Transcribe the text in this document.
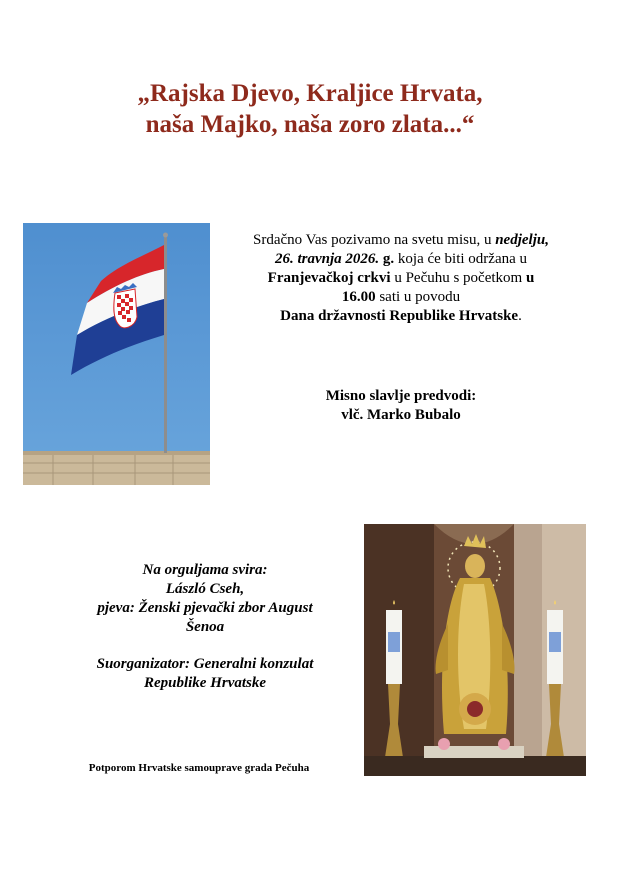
„Rajska Djevo, Kraljice Hrvata,
naša Majko, naša zoro zlata...“
Srdačno Vas pozivamo na svetu misu, u nedjelju,
26. travnja 2026. g. koja će biti održana u
Franjevačkoj crkvi u Pečuhu s početkom u
16.00 sati u povodu
Dana državnosti Republike Hrvatske.
Misno slavlje predvodi:
vlč. Marko Bubalo
Na orguljama svira:
László Cseh,
pjeva: Ženski pjevački zbor August
Šenoa
Suorganizator: Generalni konzulat
Republike Hrvatske
Potporom Hrvatske samouprave grada Pečuha
